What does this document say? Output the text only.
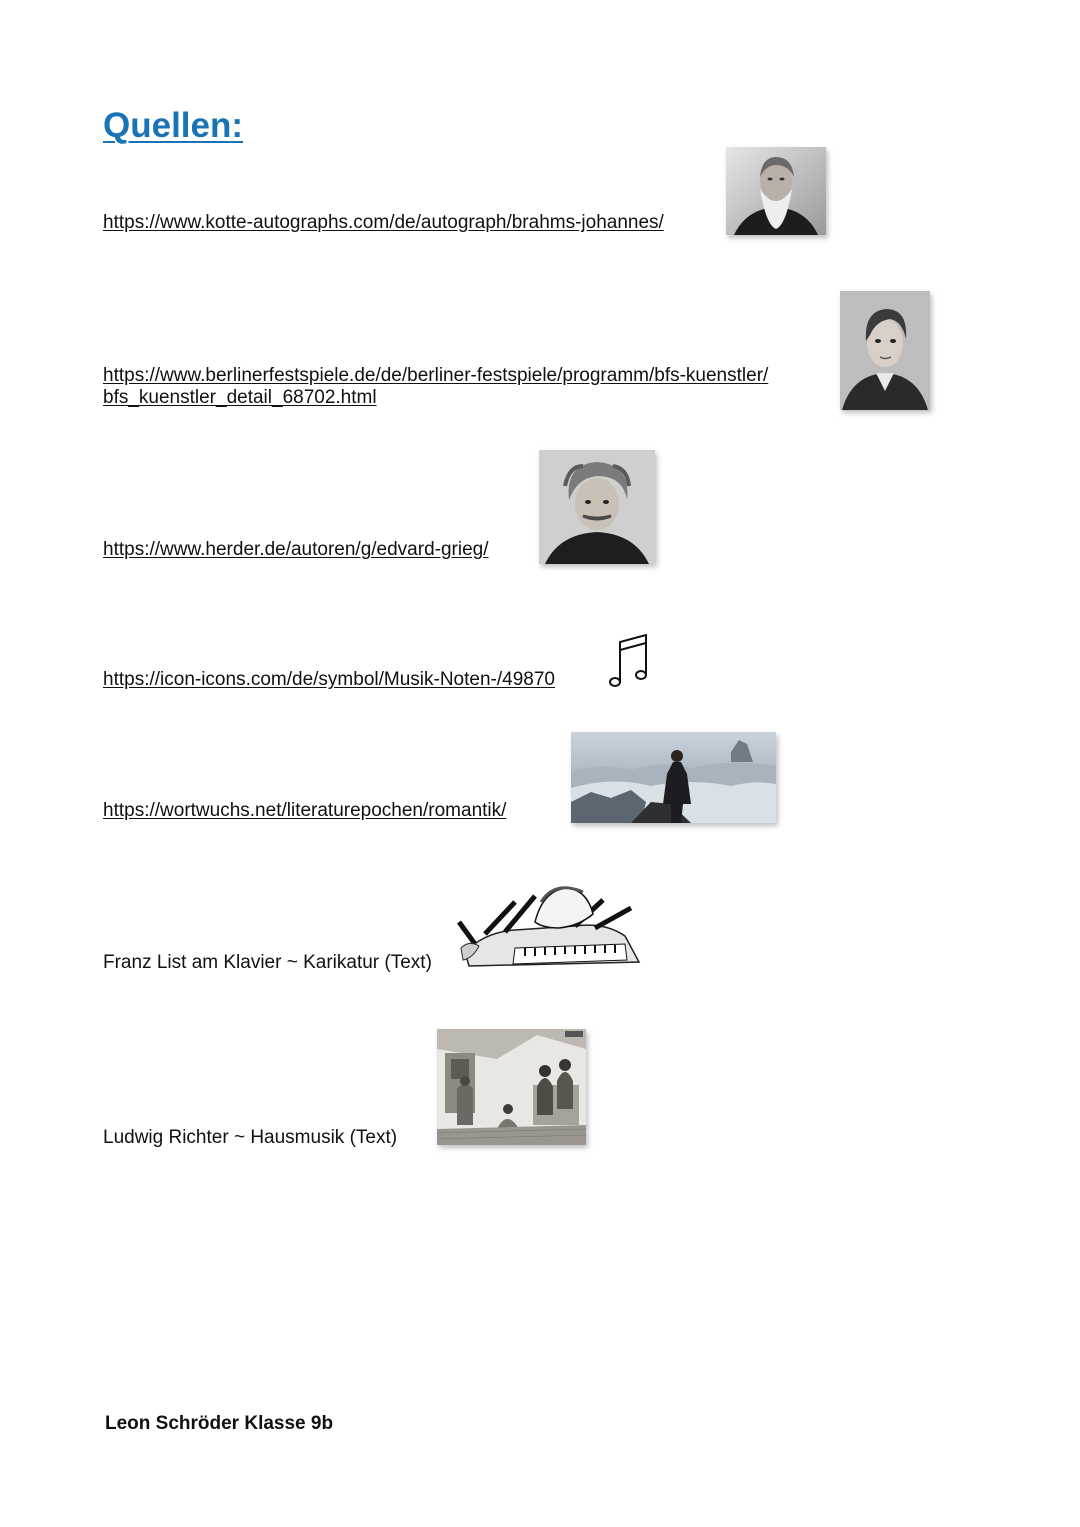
Quellen:
https://www.kotte-autographs.com/de/autograph/brahms-johannes/
https://www.berlinerfestspiele.de/de/berliner-festspiele/programm/bfs-kuenstler/
bfs_kuenstler_detail_68702.html
https://www.herder.de/autoren/g/edvard-grieg/
https://icon-icons.com/de/symbol/Musik-Noten-/49870
https://wortwuchs.net/literaturepochen/romantik/
Franz List am Klavier ~ Karikatur (Text)
Ludwig Richter ~ Hausmusik (Text)
Leon Schröder Klasse 9b
